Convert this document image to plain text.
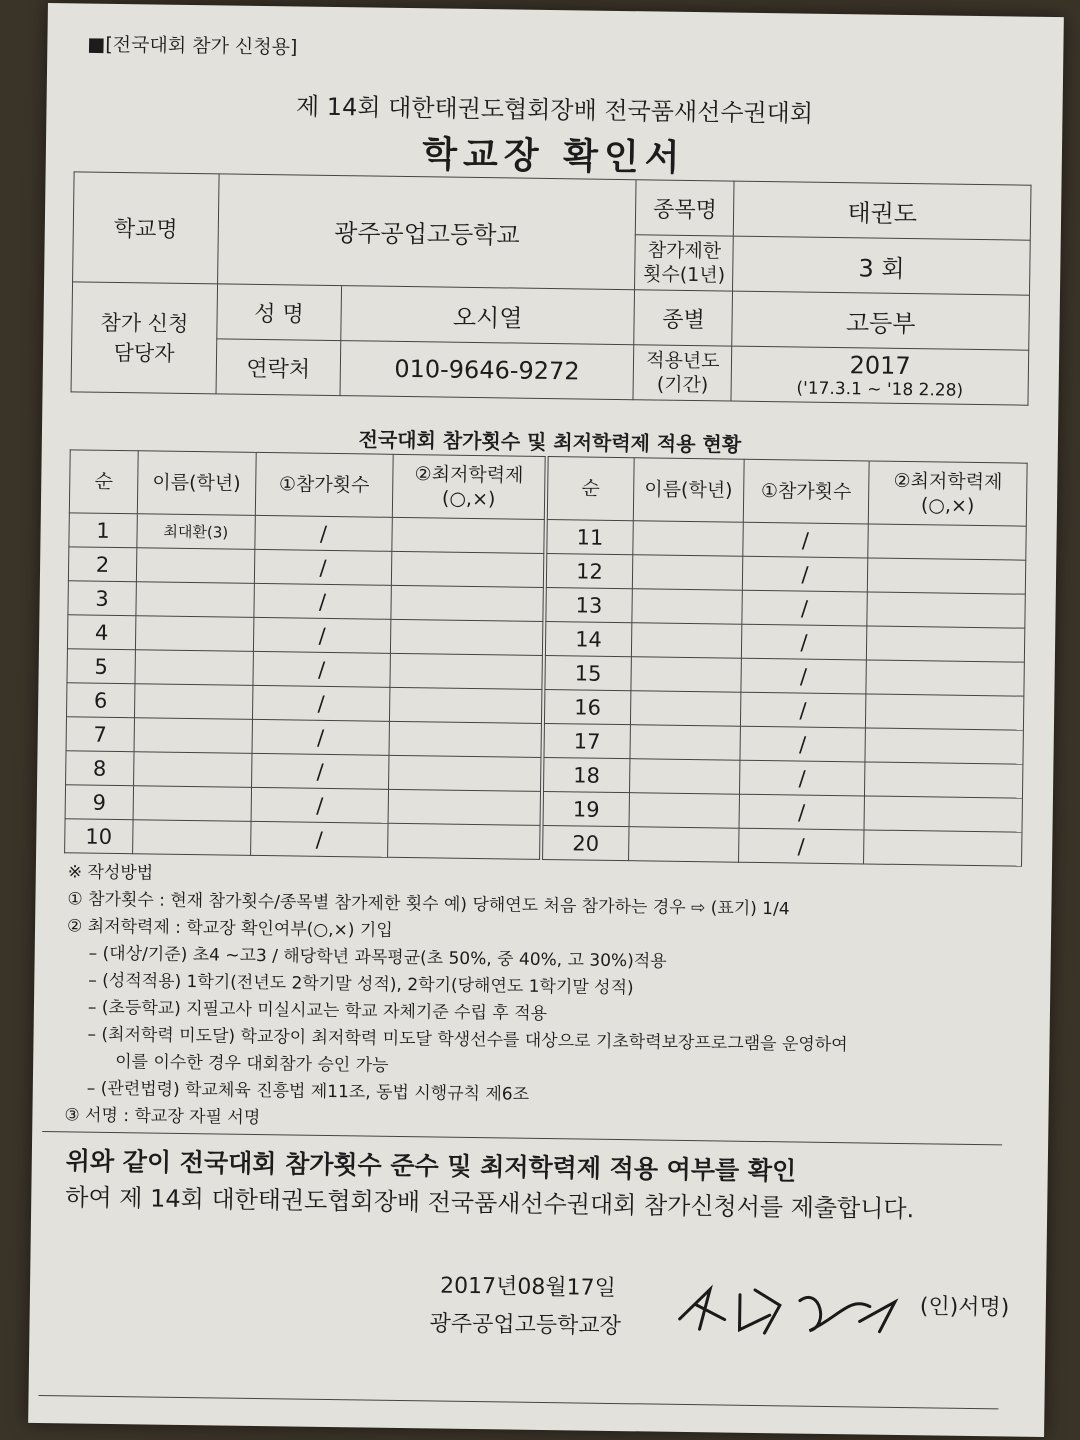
■[전국대회 참가 신청용]
제 14회 대한태권도협회장배 전국품새선수권대회
학교장 확인서
학교명	광주공업고등학교		종목명	태권도
			참가제한 횟수(1년)	3 회
참가 신청 담당자	성 명	오시열	종별	고등부
	연락처	010-9646-9272	적용년도 (기간)	2017
('17.3.1 ~ '18 2.28)
전국대회 참가횟수 및 최저학력제 적용 현황
순	이름(학년)	①참가횟수	②최저학력제 (○,×)
1	최대환(3)	/	
2		/	
3		/	
4		/	
5		/	
6		/	
7		/	
8		/	
9		/	
10		/	
순	이름(학년)	①참가횟수	②최저학력제 (○,×)
11		/	
12		/	
13		/	
14		/	
15		/	
16		/	
17		/	
18		/	
19		/	
20		/	
※ 작성방법
① 참가횟수 : 현재 참가횟수/종목별 참가제한 횟수 예) 당해연도 처음 참가하는 경우 ⇨ (표기) 1/4
② 최저학력제 : 학교장 확인여부(○,×) 기입
– (대상/기준) 초4 ~고3 / 해당학년 과목평균(초 50%, 중 40%, 고 30%)적용
– (성적적용) 1학기(전년도 2학기말 성적), 2학기(당해연도 1학기말 성적)
– (초등학교) 지필고사 미실시교는 학교 자체기준 수립 후 적용
– (최저학력 미도달) 학교장이 최저학력 미도달 학생선수를 대상으로 기초학력보장프로그램을 운영하여
이를 이수한 경우 대회참가 승인 가능
– (관련법령) 학교체육 진흥법 제11조, 동법 시행규칙 제6조
③ 서명 : 학교장 자필 서명
위와 같이 전국대회 참가횟수 준수 및 최저학력제 적용 여부를 확인
하여 제 14회 대한태권도협회장배 전국품새선수권대회 참가신청서를 제출합니다.
2017년08월17일
광주공업고등학교장
(인)서명)
